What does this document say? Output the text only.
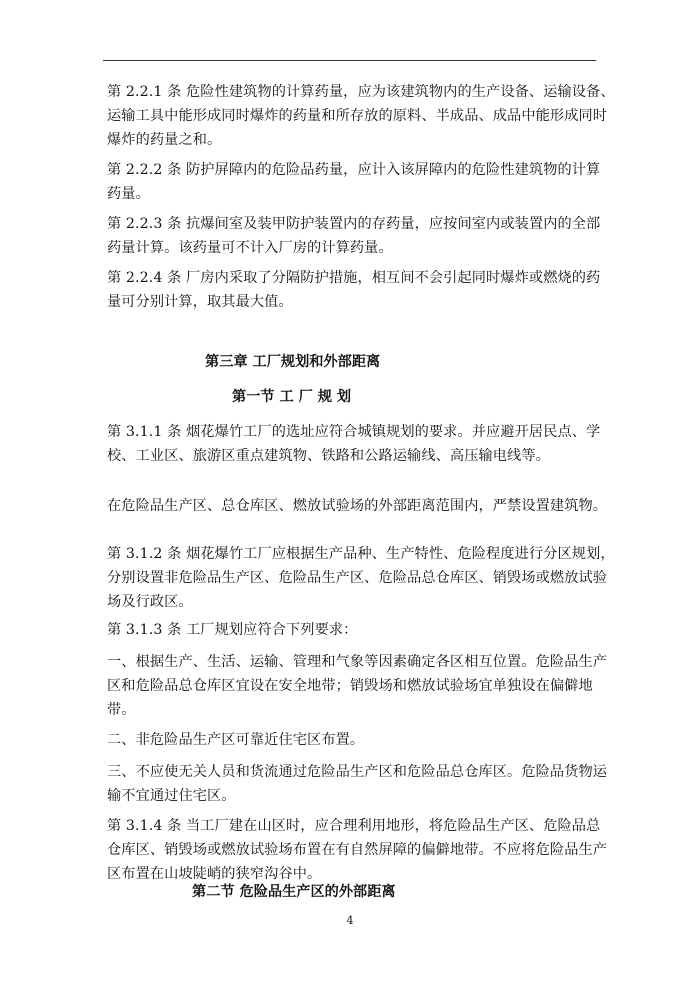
第 2.2.1 条 危险性建筑物的计算药量，应为该建筑物内的生产设备、运输设备、
运输工具中能形成同时爆炸的药量和所存放的原料、半成品、成品中能形成同时
爆炸的药量之和。

第 2.2.2 条 防护屏障内的危险品药量，应计入该屏障内的危险性建筑物的计算
药量。

第 2.2.3 条 抗爆间室及装甲防护装置内的存药量，应按间室内或装置内的全部
药量计算。该药量可不计入厂房的计算药量。

第 2.2.4 条 厂房内采取了分隔防护措施，相互间不会引起同时爆炸或燃烧的药
量可分别计算，取其最大值。

第三章 工厂规划和外部距离
第一节 工 厂 规 划

第 3.1.1 条 烟花爆竹工厂的选址应符合城镇规划的要求。并应避开居民点、学
校、工业区、旅游区重点建筑物、铁路和公路运输线、高压输电线等。

在危险品生产区、总仓库区、燃放试验场的外部距离范围内，严禁设置建筑物。

第 3.1.2 条 烟花爆竹工厂应根据生产品种、生产特性、危险程度进行分区规划，
分别设置非危险品生产区、危险品生产区、危险品总仓库区、销毁场或燃放试验
场及行政区。

第 3.1.3 条 工厂规划应符合下列要求：

一、根据生产、生活、运输、管理和气象等因素确定各区相互位置。危险品生产
区和危险品总仓库区宜设在安全地带；销毁场和燃放试验场宜单独设在偏僻地
带。

二、非危险品生产区可靠近住宅区布置。

三、不应使无关人员和货流通过危险品生产区和危险品总仓库区。危险品货物运
输不宜通过住宅区。

第 3.1.4 条 当工厂建在山区时，应合理利用地形，将危险品生产区、危险品总
仓库区、销毁场或燃放试验场布置在有自然屏障的偏僻地带。不应将危险品生产
区布置在山坡陡峭的狭窄沟谷中。

第二节 危险品生产区的外部距离
4
